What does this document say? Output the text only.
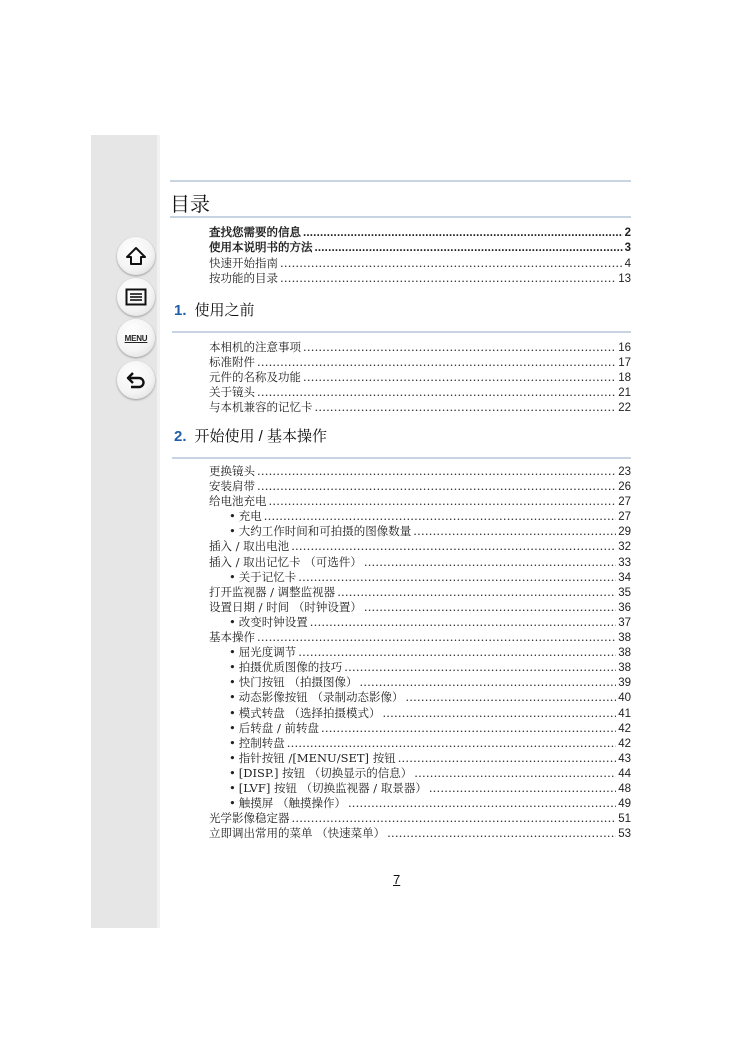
MENU
目录
查找您需要的信息 .....	2
使用本说明书的方法 .....	3
快速开始指南 .....	4
按功能的目录 .....	13
1. 使用之前
本相机的注意事项 .....	16
标准附件 .....	17
元件的名称及功能 .....	18
关于镜头 .....	21
与本机兼容的记忆卡 .....	22
2. 开始使用 / 基本操作
更换镜头 .....	23
安装肩带 .....	26
给电池充电 .....	27
• 充电 .....	27
• 大约工作时间和可拍摄的图像数量 .....	29
插入 / 取出电池 .....	32
插入 / 取出记忆卡 （可选件） .....	33
• 关于记忆卡 .....	34
打开监视器 / 调整监视器 .....	35
设置日期 / 时间 （时钟设置） .....	36
• 改变时钟设置 .....	37
基本操作 .....	38
• 屈光度调节 .....	38
• 拍摄优质图像的技巧 .....	38
• 快门按钮 （拍摄图像） .....	39
• 动态影像按钮 （录制动态影像） .....	40
• 模式转盘 （选择拍摄模式） .....	41
• 后转盘 / 前转盘 .....	42
• 控制转盘 .....	42
• 指针按钮 /[MENU/SET] 按钮 .....	43
• [DISP.] 按钮 （切换显示的信息） .....	44
• [LVF] 按钮 （切换监视器 / 取景器） .....	48
• 触摸屏 （触摸操作） .....	49
光学影像稳定器 .....	51
立即调出常用的菜单 （快速菜单） .....	53
7
